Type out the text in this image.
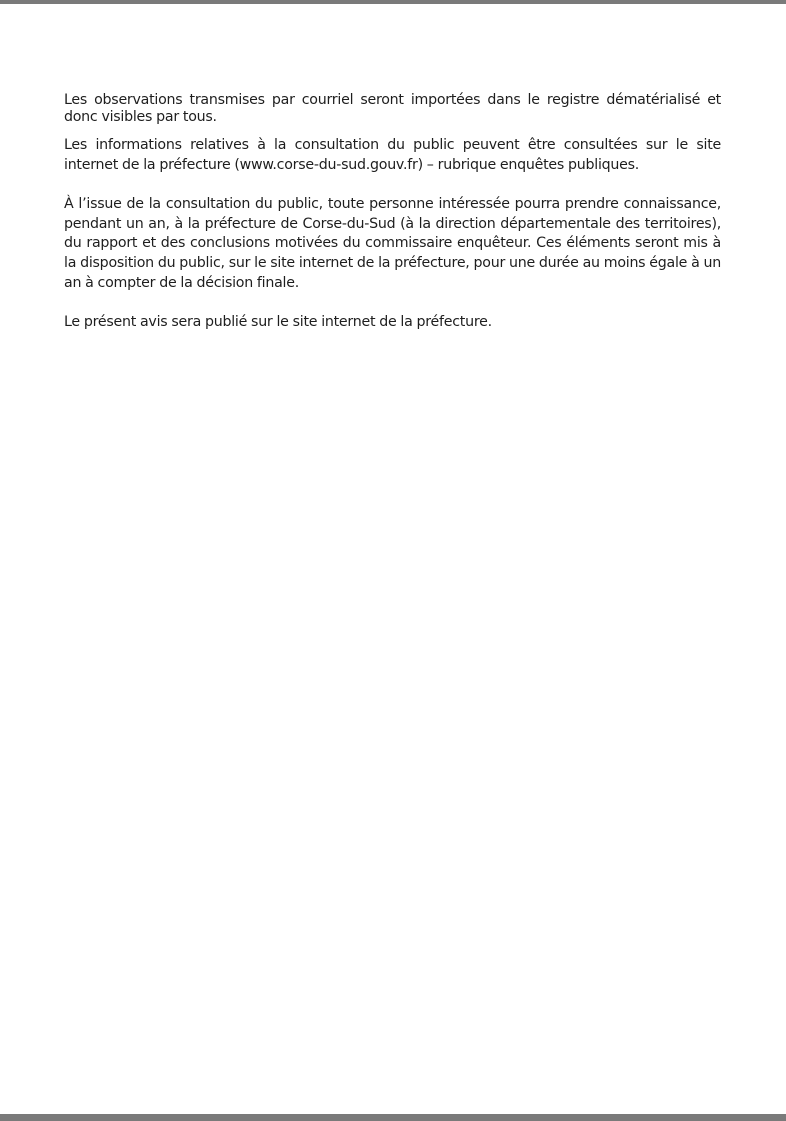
Les observations transmises par courriel seront importées dans le registre dématérialisé et donc visibles par tous.

Les informations relatives à la consultation du public peuvent être consultées sur le site internet de la préfecture (www.corse-du-sud.gouv.fr) – rubrique enquêtes publiques.

À l’issue de la consultation du public, toute personne intéressée pourra prendre connaissance, pendant un an, à la préfecture de Corse-du-Sud (à la direction départementale des territoires), du rapport et des conclusions motivées du commissaire enquêteur. Ces éléments seront mis à la disposition du public, sur le site internet de la préfecture, pour une durée au moins égale à un an à compter de la décision finale.

Le présent avis sera publié sur le site internet de la préfecture.
